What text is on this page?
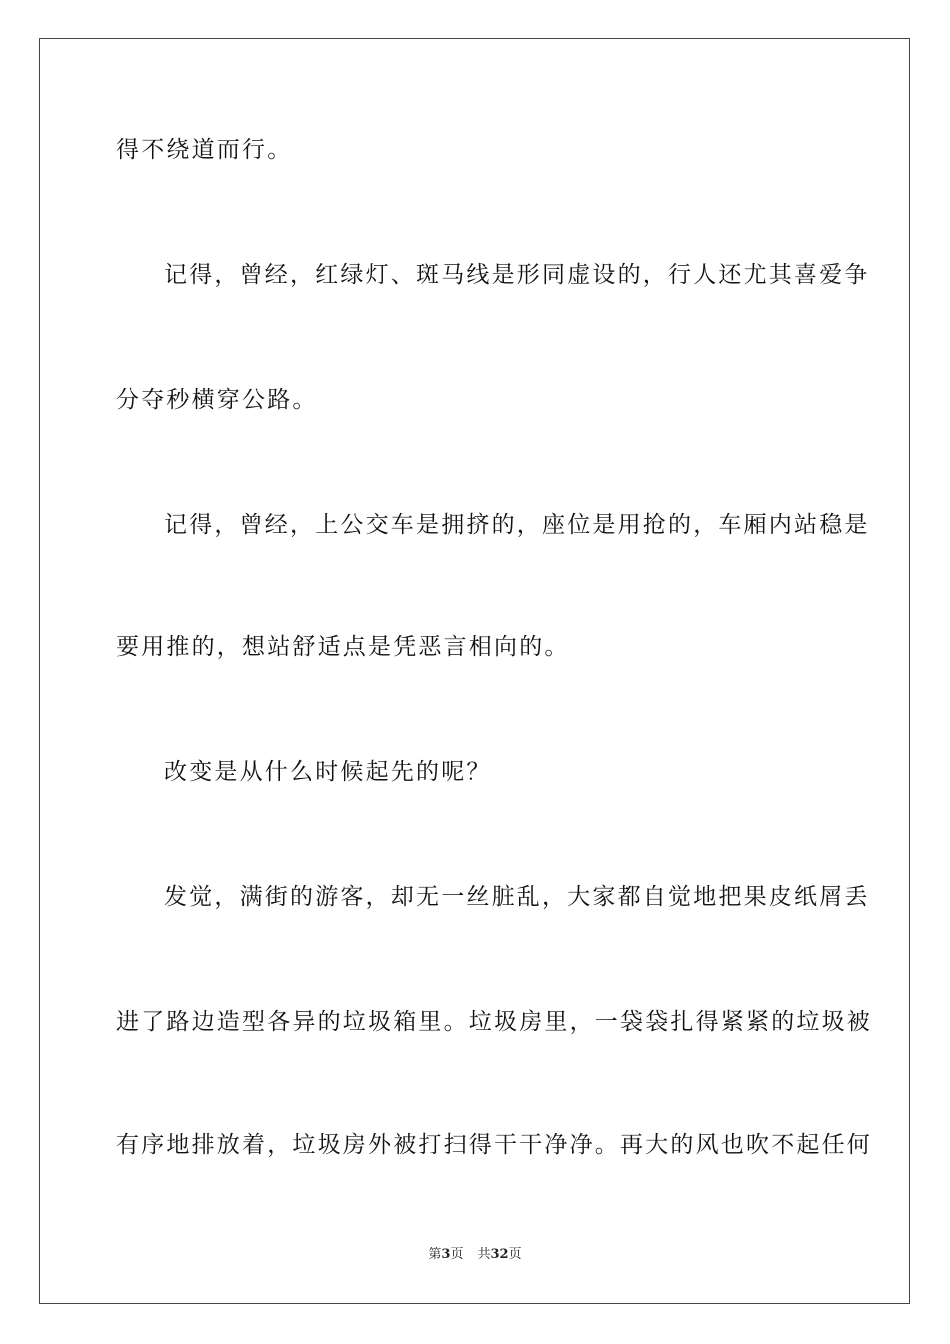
得不绕道而行。
记得，曾经，红绿灯、斑马线是形同虚设的，行人还尤其喜爱争
分夺秒横穿公路。
记得，曾经，上公交车是拥挤的，座位是用抢的，车厢内站稳是
要用推的，想站舒适点是凭恶言相向的。
改变是从什么时候起先的呢？
发觉，满街的游客，却无一丝脏乱，大家都自觉地把果皮纸屑丢
进了路边造型各异的垃圾箱里。垃圾房里，一袋袋扎得紧紧的垃圾被
有序地排放着，垃圾房外被打扫得干干净净。再大的风也吹不起任何
第3页 共32页
